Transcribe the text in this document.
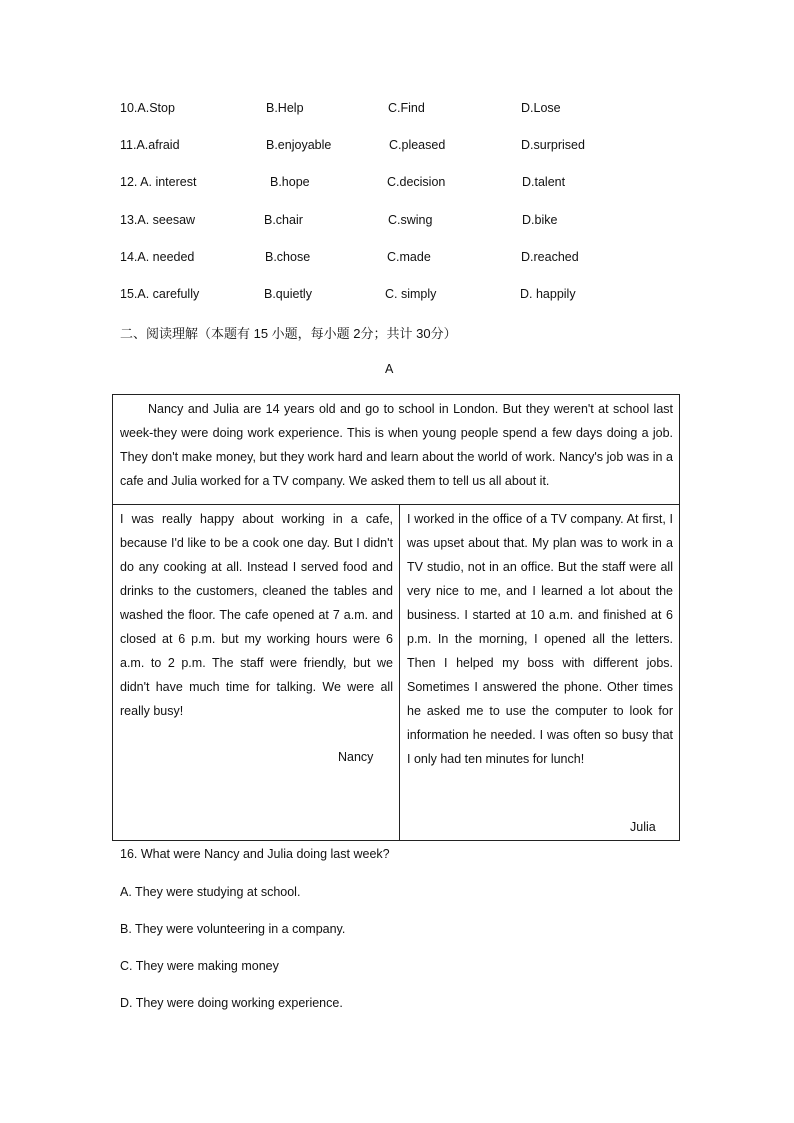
10.A.Stop	B.Help	C.Find	D.Lose
11.A.afraid	B.enjoyable	C.pleased	D.surprised
12. A. interest	B.hope	C.decision	D.talent
13.A. seesaw	B.chair	C.swing	D.bike
14.A. needed	B.chose	C.made	D.reached
15.A. carefully	B.quietly	C. simply	D. happily
二、阅读理解（本题有 15 小题，每小题 2分；共计 30分）
A

Nancy and Julia are 14 years old and go to school in London. But they weren't at school last week-they were doing work experience. This is when young people spend a few days doing a job. They don't make money, but they work hard and learn about the world of work. Nancy's job was in a cafe and Julia worked for a TV company. We asked them to tell us all about it.

I was really happy about working in a cafe, because I'd like to be a cook one day. But I didn't do any cooking at all. Instead I served food and drinks to the customers, cleaned the tables and washed the floor. The cafe opened at 7 a.m. and closed at 6 p.m. but my working hours were 6 a.m. to 2 p.m. The staff were friendly, but we didn't have much time for talking. We were all really busy!

Nancy

I worked in the office of a TV company. At first, I was upset about that. My plan was to work in a TV studio, not in an office. But the staff were all very nice to me, and I learned a lot about the business. I started at 10 a.m. and finished at 6 p.m. In the morning, I opened all the letters. Then I helped my boss with different jobs. Sometimes I answered the phone. Other times he asked me to use the computer to look for information he needed. I was often so busy that I only had ten minutes for lunch!

Julia
16. What were Nancy and Julia doing last week?
A. They were studying at school.
B. They were volunteering in a company.
C. They were making money
D. They were doing working experience.
